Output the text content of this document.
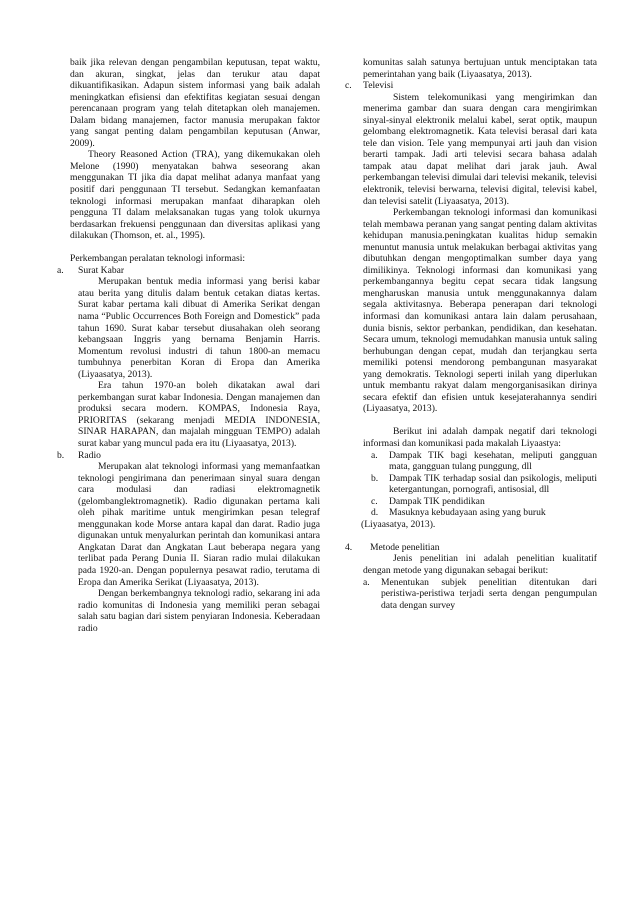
baik jika relevan dengan pengambilan keputusan, tepat waktu, dan akuran, singkat, jelas dan terukur atau dapat dikuantifikasikan. Adapun sistem informasi yang baik adalah meningkatkan efisiensi dan efektifitas kegiatan sesuai dengan perencanaan program yang telah ditetapkan oleh manajemen. Dalam bidang manajemen, factor manusia merupakan faktor yang sangat penting dalam pengambilan keputusan (Anwar, 2009).

Theory Reasoned Action (TRA), yang dikemukakan oleh Melone (1990) menyatakan bahwa seseorang akan menggunakan TI jika dia dapat melihat adanya manfaat yang positif dari penggunaan TI tersebut. Sedangkan kemanfaatan teknologi informasi merupakan manfaat diharapkan oleh pengguna TI dalam melaksanakan tugas yang tolok ukurnya berdasarkan frekuensi penggunaan dan diversitas aplikasi yang dilakukan (Thomson, et. al., 1995).

Perkembangan peralatan teknologi informasi:

a.	Surat Kabar

Merupakan bentuk media informasi yang berisi kabar atau berita yang ditulis dalam bentuk cetakan diatas kertas. Surat kabar pertama kali dibuat di Amerika Serikat dengan nama “Public Occurrences Both Foreign and Domestick” pada tahun 1690. Surat kabar tersebut diusahakan oleh seorang kebangsaan Inggris yang bernama Benjamin Harris. Momentum revolusi industri di tahun 1800-an memacu tumbuhnya penerbitan Koran di Eropa dan Amerika (Liyaasatya, 2013).

Era tahun 1970-an boleh dikatakan awal dari perkembangan surat kabar Indonesia. Dengan manajemen dan produksi secara modern. KOMPAS, Indonesia Raya, PRIORITAS (sekarang menjadi MEDIA INDONESIA, SINAR HARAPAN, dan majalah mingguan TEMPO) adalah surat kabar yang muncul pada era itu (Liyaasatya, 2013).

b.	Radio

Merupakan alat teknologi informasi yang memanfaatkan teknologi pengirimana dan penerimaan sinyal suara dengan cara modulasi dan radiasi elektromagnetik (gelombanglektromagnetik). Radio digunakan pertama kali oleh pihak maritime untuk mengirimkan pesan telegraf menggunakan kode Morse antara kapal dan darat. Radio juga digunakan untuk menyalurkan perintah dan komunikasi antara Angkatan Darat dan Angkatan Laut beberapa negara yang terlibat pada Perang Dunia II. Siaran radio mulai dilakukan pada 1920-an. Dengan populernya pesawat radio, terutama di Eropa dan Amerika Serikat (Liyaasatya, 2013).

Dengan berkembangnya teknologi radio, sekarang ini ada radio komunitas di Indonesia yang memiliki peran sebagai salah satu bagian dari sistem penyiaran Indonesia. Keberadaan radio

komunitas salah satunya bertujuan untuk menciptakan tata pemerintahan yang baik (Liyaasatya, 2013).

c.	Televisi

Sistem telekomunikasi yang mengirimkan dan menerima gambar dan suara dengan cara mengirimkan sinyal-sinyal elektronik melalui kabel, serat optik, maupun gelombang elektromagnetik. Kata televisi berasal dari kata tele dan vision. Tele yang mempunyai arti jauh dan vision berarti tampak. Jadi arti televisi secara bahasa adalah tampak atau dapat melihat dari jarak jauh. Awal perkembangan televisi dimulai dari televisi mekanik, televisi elektronik, televisi berwarna, televisi digital, televisi kabel, dan televisi satelit (Liyaasatya, 2013).

Perkembangan teknologi informasi dan komunikasi telah membawa peranan yang sangat penting dalam aktivitas kehidupan manusia.peningkatan kualitas hidup semakin menuntut manusia untuk melakukan berbagai aktivitas yang dibutuhkan dengan mengoptimalkan sumber daya yang dimilikinya. Teknologi informasi dan komunikasi yang perkembangannya begitu cepat secara tidak langsung mengharuskan manusia untuk menggunakannya dalam segala aktivitasnya. Beberapa penerapan dari teknologi informasi dan komunikasi antara lain dalam perusahaan, dunia bisnis, sektor perbankan, pendidikan, dan kesehatan. Secara umum, teknologi memudahkan manusia untuk saling berhubungan dengan cepat, mudah dan terjangkau serta memiliki potensi mendorong pembangunan masyarakat yang demokratis. Teknologi seperti inilah yang diperlukan untuk membantu rakyat dalam mengorganisasikan dirinya secara efektif dan efisien untuk kesejaterahannya sendiri (Liyaasatya, 2013).

Berikut ini adalah dampak negatif dari teknologi informasi dan komunikasi pada makalah Liyaastya:

a.	Dampak TIK bagi kesehatan, meliputi gangguan mata, gangguan tulang punggung, dll
b.	Dampak TIK terhadap sosial dan psikologis, meliputi ketergantungan, pornografi, antisosial, dll
c.	Dampak TIK pendidikan
d.	Masuknya kebudayaan asing yang buruk

(Liyaasatya, 2013).

4.	Metode penelitian

Jenis penelitian ini adalah penelitian kualitatif dengan metode yang digunakan sebagai berikut:

a.	Menentukan subjek penelitian ditentukan dari peristiwa-peristiwa terjadi serta dengan pengumpulan data dengan survey
